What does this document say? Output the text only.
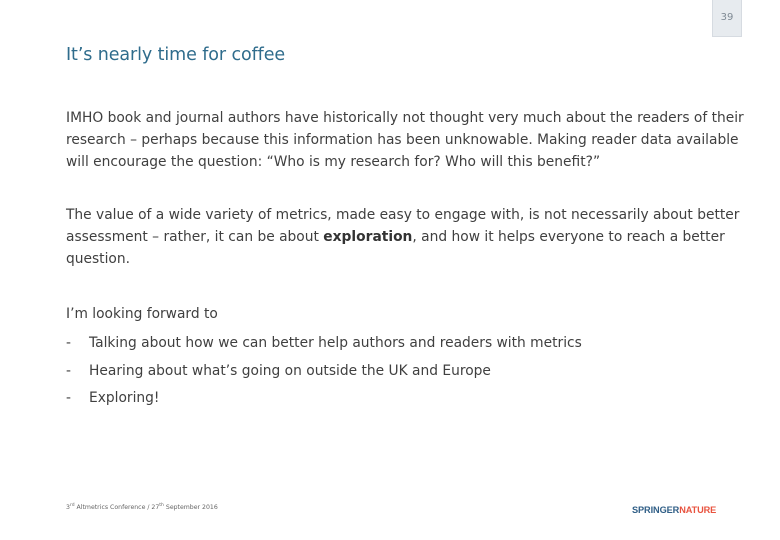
39
It’s nearly time for coffee

IMHO book and journal authors have historically not thought very much about the readers of their research – perhaps because this information has been unknowable. Making reader data available will encourage the question: “Who is my research for? Who will this benefit?”

The value of a wide variety of metrics, made easy to engage with, is not necessarily about better assessment – rather, it can be about exploration, and how it helps everyone to reach a better question.

I’m looking forward to

- Talking about how we can better help authors and readers with metrics
- Hearing about what’s going on outside the UK and Europe
- Exploring!
3rd Altmetrics Conference / 27th September 2016	SPRINGERNATURE
